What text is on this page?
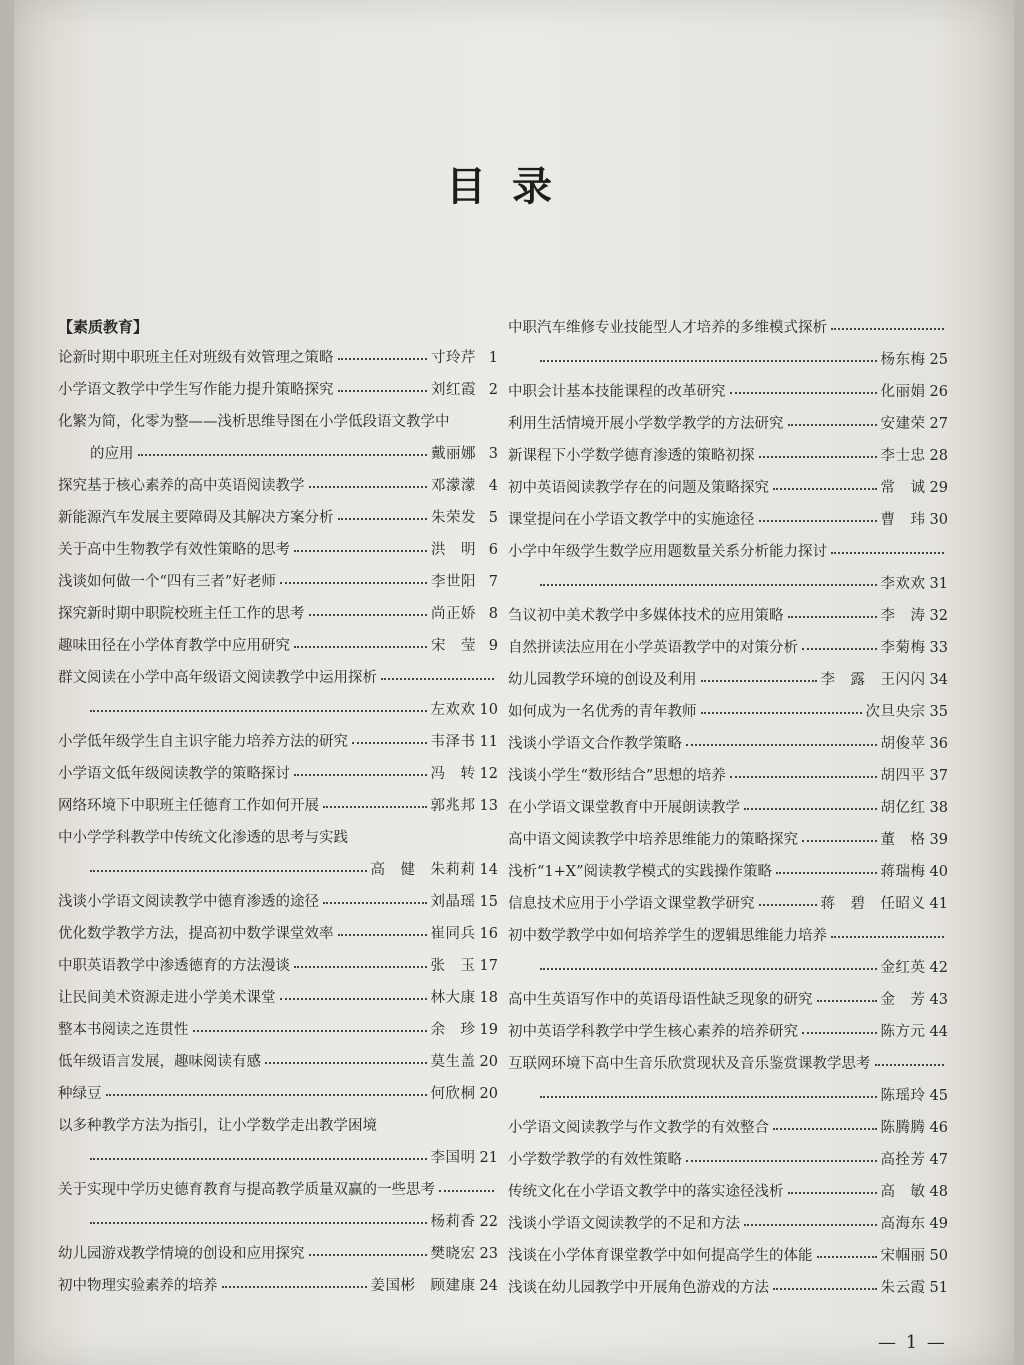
目录
【 素质教育 】
论新时期中职班主任对班级有效管理之策略	寸玲芹 1
小学语文教学中学生写作能力提升策略探究	刘红霞 2
化繁为简，化零为整——浅析思维导图在小学低段语文教学中
的应用	戴丽娜 3
探究基于核心素养的高中英语阅读教学	邓濛濛 4
新能源汽车发展主要障碍及其解决方案分析	朱荣发 5
关于高中生物教学有效性策略的思考	洪　明 6
浅谈如何做一个“四有三者”好老师	李世阳 7
探究新时期中职院校班主任工作的思考	尚正娇 8
趣味田径在小学体育教学中应用研究	宋　莹 9
群文阅读在小学中高年级语文阅读教学中运用探析
左欢欢 10
小学低年级学生自主识字能力培养方法的研究	韦泽书 11
小学语文低年级阅读教学的策略探讨	冯　转 12
网络环境下中职班主任德育工作如何开展	郭兆邦 13
中小学学科教学中传统文化渗透的思考与实践
高　健　朱莉莉 14
浅谈小学语文阅读教学中德育渗透的途径	刘晶瑶 15
优化数学教学方法，提高初中数学课堂效率	崔同兵 16
中职英语教学中渗透德育的方法漫谈	张　玉 17
让民间美术资源走进小学美术课堂	林大康 18
整本书阅读之连贯性	余　珍 19
低年级语言发展，趣味阅读有感	莫生盖 20
种绿豆	何欣桐 20
以多种教学方法为指引，让小学数学走出教学困境
李国明 21
关于实现中学历史德育教育与提高教学质量双赢的一些思考
杨莉香 22
幼儿园游戏教学情境的创设和应用探究	樊晓宏 23
初中物理实验素养的培养	姜国彬　顾建康 24
中职汽车维修专业技能型人才培养的多维模式探析
杨东梅 25
中职会计基本技能课程的改革研究	化丽娟 26
利用生活情境开展小学数学教学的方法研究	安建荣 27
新课程下小学数学德育渗透的策略初探	李士忠 28
初中英语阅读教学存在的问题及策略探究	常　诚 29
课堂提问在小学语文教学中的实施途径	曹　玮 30
小学中年级学生数学应用题数量关系分析能力探讨
李欢欢 31
刍议初中美术教学中多媒体技术的应用策略	李　涛 32
自然拼读法应用在小学英语教学中的对策分析	李菊梅 33
幼儿园教学环境的创设及利用	李　露　王闪闪 34
如何成为一名优秀的青年教师	次旦央宗 35
浅谈小学语文合作教学策略	胡俊苹 36
浅谈小学生“数形结合”思想的培养	胡四平 37
在小学语文课堂教育中开展朗读教学	胡亿红 38
高中语文阅读教学中培养思维能力的策略探究	董　格 39
浅析“1+X”阅读教学模式的实践操作策略	蒋瑞梅 40
信息技术应用于小学语文课堂教学研究	蒋　碧　任昭义 41
初中数学教学中如何培养学生的逻辑思维能力培养
金红英 42
高中生英语写作中的英语母语性缺乏现象的研究	金　芳 43
初中英语学科教学中学生核心素养的培养研究	陈方元 44
互联网环境下高中生音乐欣赏现状及音乐鉴赏课教学思考
陈瑶玲 45
小学语文阅读教学与作文教学的有效整合	陈腾腾 46
小学数学教学的有效性策略	高拴芳 47
传统文化在小学语文教学中的落实途径浅析	高　敏 48
浅谈小学语文阅读教学的不足和方法	高海东 49
浅谈在小学体育课堂教学中如何提高学生的体能	宋帼丽 50
浅谈在幼儿园教学中开展角色游戏的方法	朱云霞 51
— 1 —
